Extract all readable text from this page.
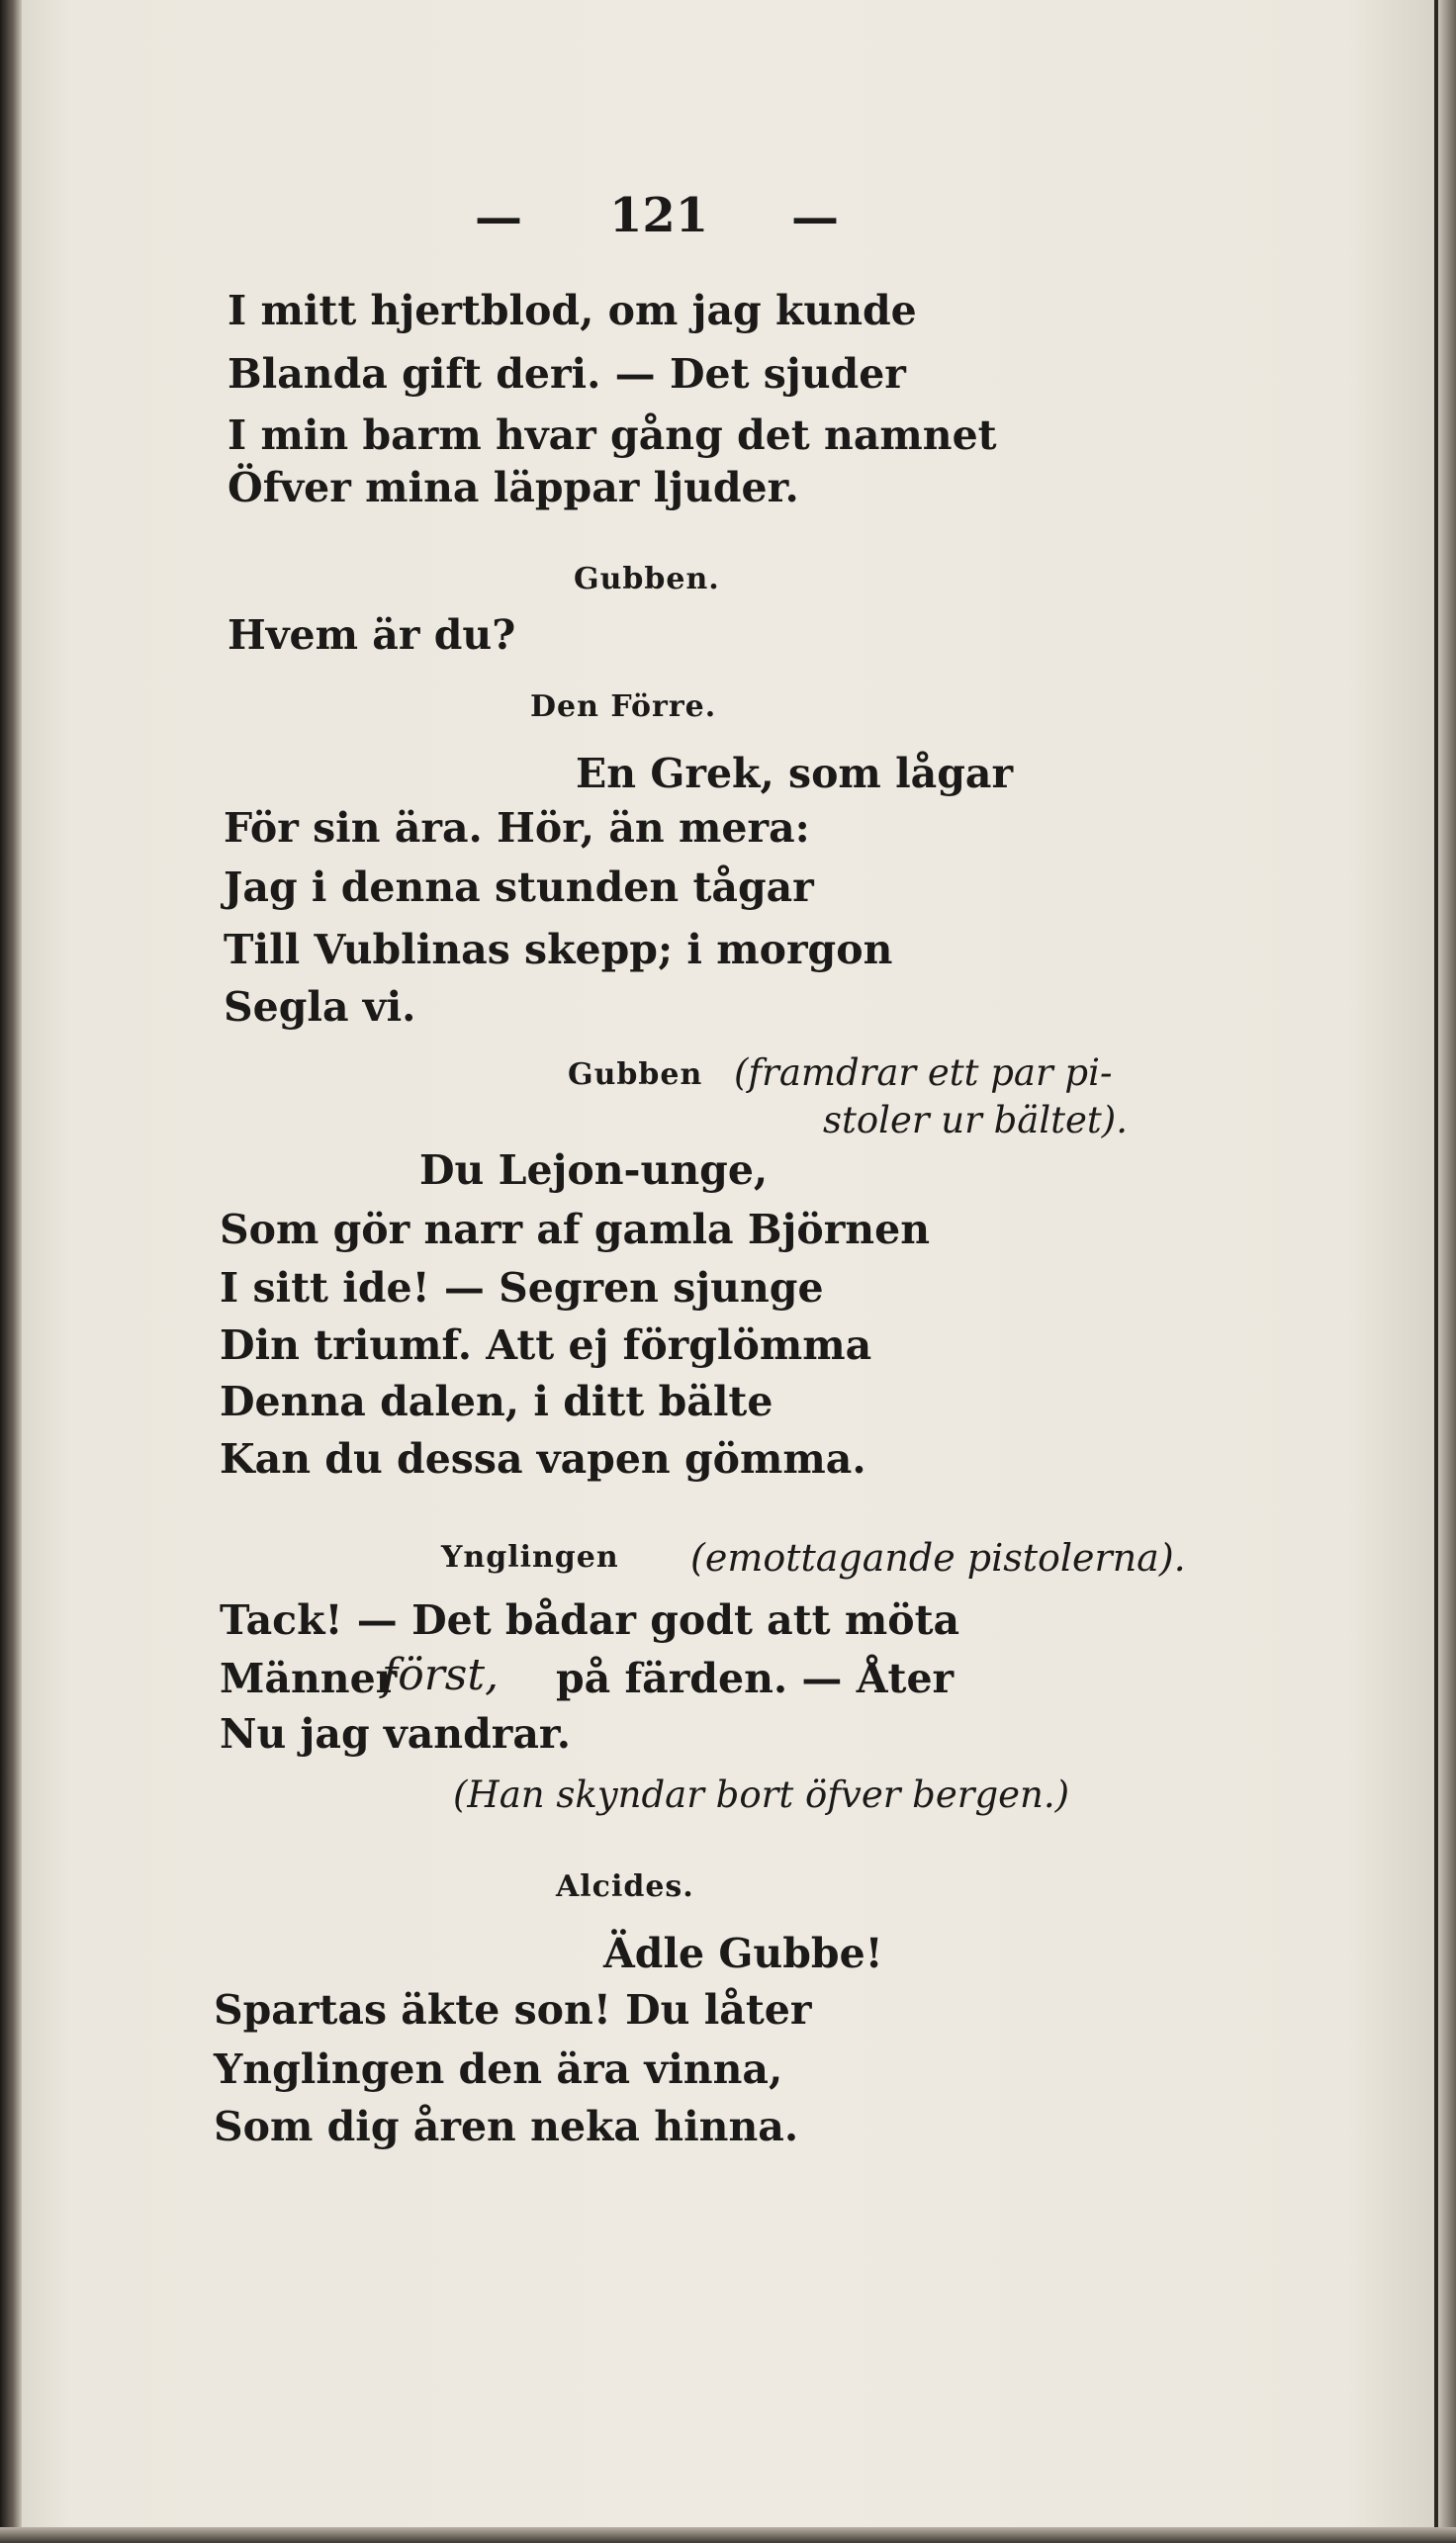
— 121 —
I mitt hjertblod, om jag kunde
Blanda gift deri. — Det sjuder
I min barm hvar gång det namnet
Öfver mina läppar ljuder.
Gubben.
Hvem är du?
Den Förre.
En Grek, som lågar
För sin ära. Hör, än mera:
Jag i denna stunden tågar
Till Vublinas skepp; i morgon
Segla vi.
Gubben (framdrar ett par pi-
stoler ur bältet).
Du Lejon-unge,
Som gör narr af gamla Björnen
I sitt ide! — Segren sjunge
Din triumf. Att ej förglömma
Denna dalen, i ditt bälte
Kan du dessa vapen gömma.
Ynglingen (emottagande pistolerna).
Tack! — Det bådar godt att möta
Männer
först, på färden. — Åter
Nu jag vandrar.
(Han skyndar bort öfver bergen.)
Alcides.
Ädle Gubbe!
Spartas äkte son! Du låter
Ynglingen den ära vinna,
Som dig åren neka hinna.
